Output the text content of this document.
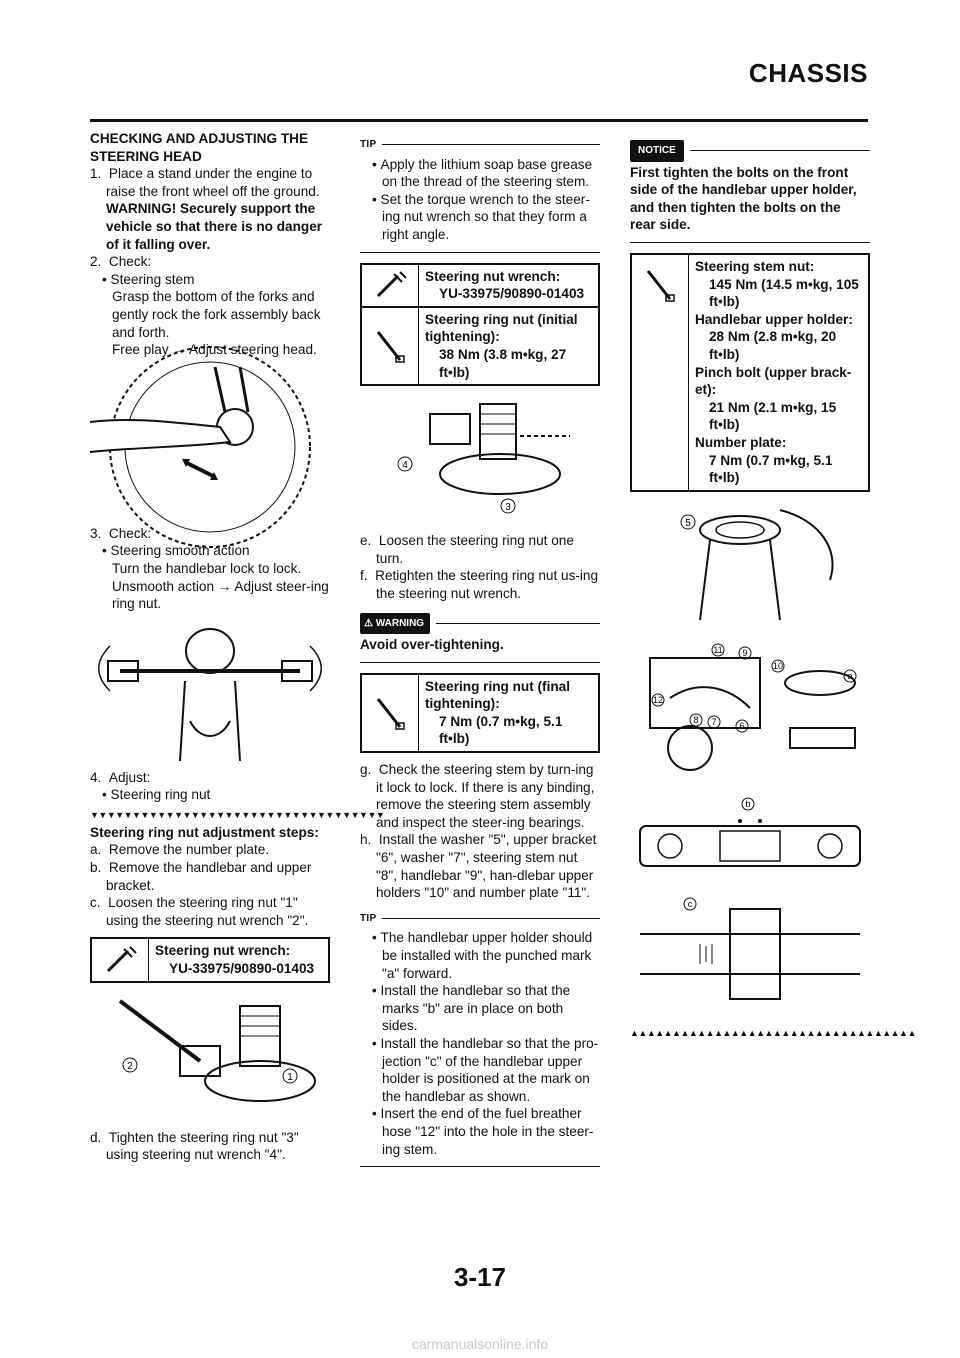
CHASSIS
CHECKING AND ADJUSTING THE STEERING HEAD
1. Place a stand under the engine to raise the front wheel off the ground. WARNING! Securely support the vehicle so that there is no danger of it falling over.
2. Check:
• Steering stem
Grasp the bottom of the forks and gently rock the fork assembly back and forth.
Free play → Adjust steering head.
3. Check:
• Steering smooth action
Turn the handlebar lock to lock.
Unsmooth action → Adjust steer-ing ring nut.
4. Adjust:
• Steering ring nut
▼▼▼▼▼▼▼▼▼▼▼▼▼▼▼▼▼▼▼▼▼▼▼▼▼▼▼▼▼▼▼▼▼▼▼
Steering ring nut adjustment steps:
a. Remove the number plate.
b. Remove the handlebar and upper bracket.
c. Loosen the steering ring nut "1" using the steering nut wrench "2".
Steering nut wrench:
YU-33975/90890-01403
2
1
d. Tighten the steering ring nut "3" using steering nut wrench "4".
TIP
• Apply the lithium soap base grease on the thread of the steering stem.
• Set the torque wrench to the steer-ing nut wrench so that they form a right angle.
Steering nut wrench:
YU-33975/90890-01403
Steering ring nut (initial tightening):
38 Nm (3.8 m•kg, 27 ft•lb)
4
3
e. Loosen the steering ring nut one turn.
f. Retighten the steering ring nut us-ing the steering nut wrench.
⚠ WARNING
Avoid over-tightening.
Steering ring nut (final tightening):
7 Nm (0.7 m•kg, 5.1 ft•lb)
g. Check the steering stem by turn-ing it lock to lock. If there is any binding, remove the steering stem assembly and inspect the steer-ing bearings.
h. Install the washer "5", upper bracket "6", washer "7", steering stem nut "8", handlebar "9", han-dlebar upper holders "10" and number plate "11".
TIP
• The handlebar upper holder should be installed with the punched mark "a" forward.
• Install the handlebar so that the marks "b" are in place on both sides.
• Install the handlebar so that the pro-jection "c" of the handlebar upper holder is positioned at the mark on the handlebar as shown.
• Insert the end of the fuel breather hose "12" into the hole in the steer-ing stem.
NOTICE
First tighten the bolts on the front side of the handlebar upper holder, and then tighten the bolts on the rear side.
Steering stem nut:
145 Nm (14.5 m•kg, 105 ft•lb)
Handlebar upper holder:
28 Nm (2.8 m•kg, 20 ft•lb)
Pinch bolt (upper brack-et):
21 Nm (2.1 m•kg, 15 ft•lb)
Number plate:
7 Nm (0.7 m•kg, 5.1 ft•lb)
5
11 9
10
a
12
8 7	6
b
c
▲▲▲▲▲▲▲▲▲▲▲▲▲▲▲▲▲▲▲▲▲▲▲▲▲▲▲▲▲▲▲▲▲▲
3-17
carmanualsonline.info
